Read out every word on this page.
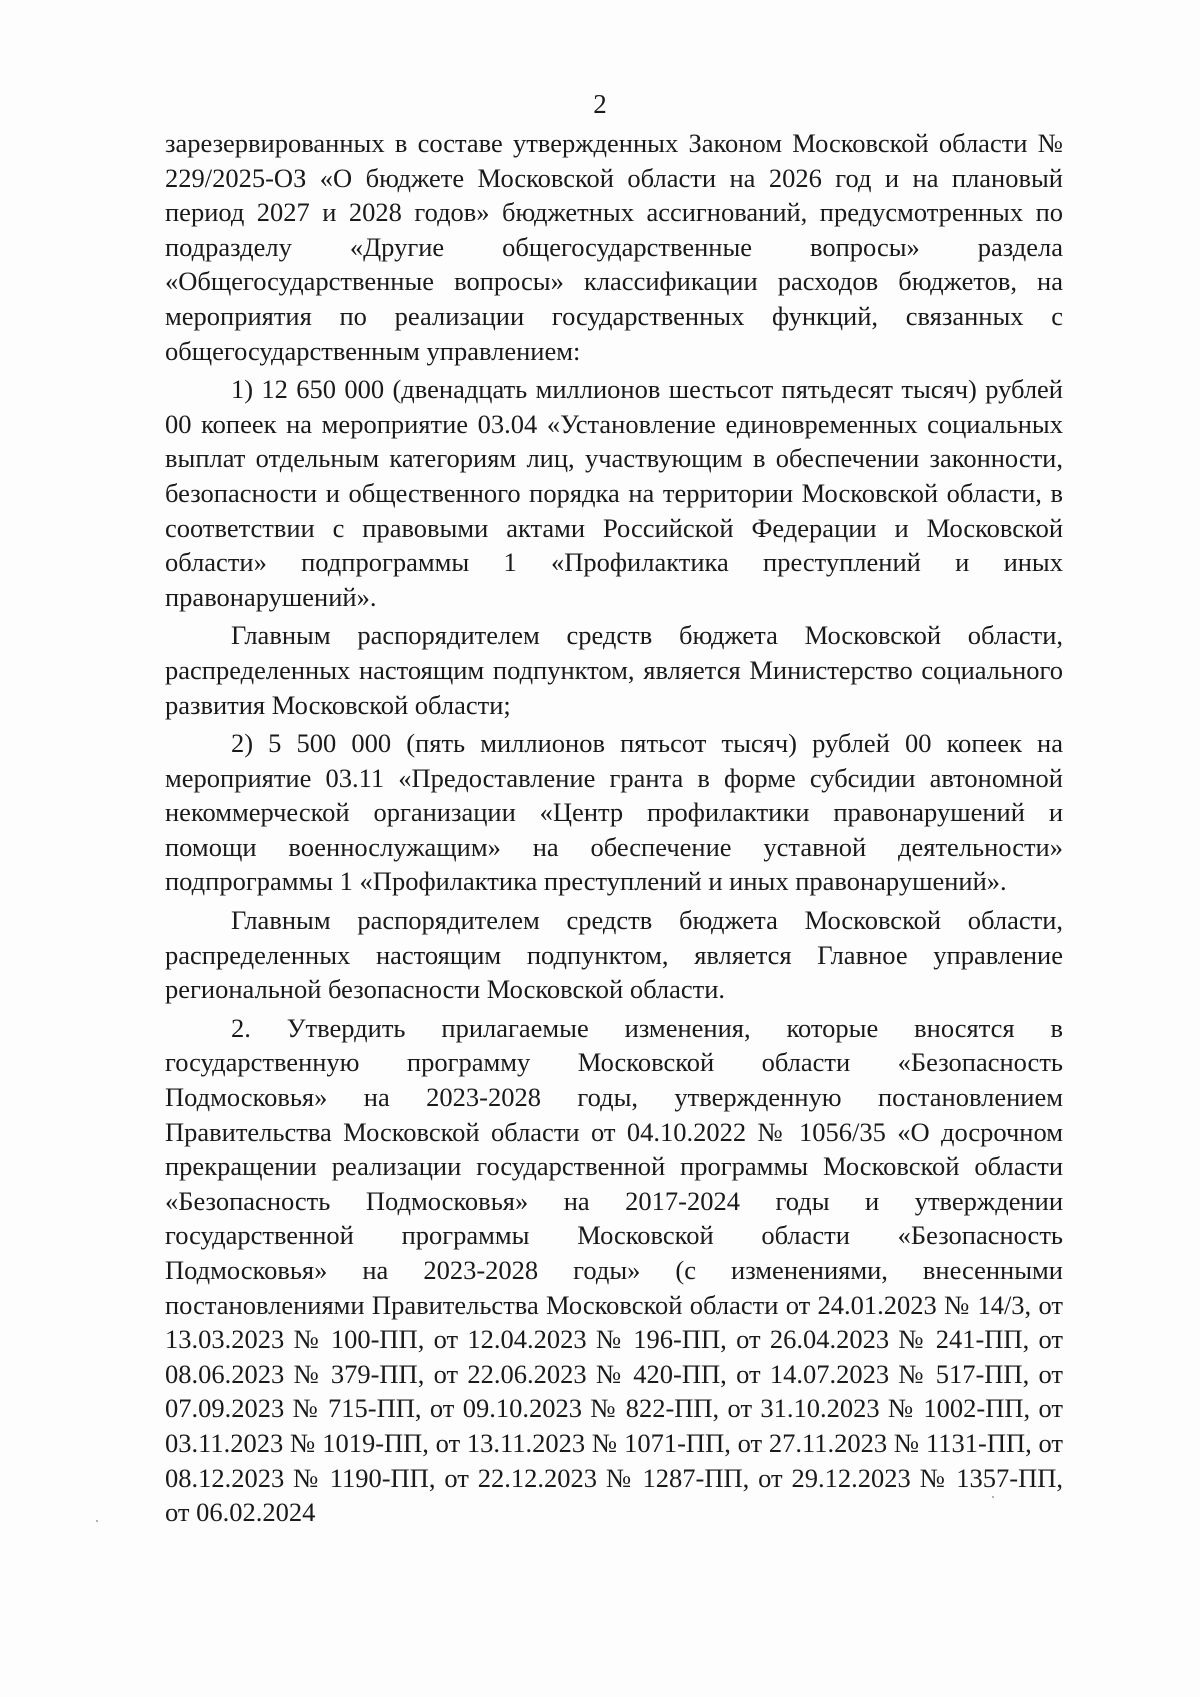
2

зарезервированных в составе утвержденных Законом Московской области № 229/2025-ОЗ «О бюджете Московской области на 2026 год и на плановый период 2027 и 2028 годов» бюджетных ассигнований, предусмотренных по подразделу «Другие общегосударственные вопросы» раздела «Общегосударственные вопросы» классификации расходов бюджетов, на мероприятия по реализации государственных функций, связанных с общегосударственным управлением:

1) 12 650 000 (двенадцать миллионов шестьсот пятьдесят тысяч) рублей 00 копеек на мероприятие 03.04 «Установление единовременных социальных выплат отдельным категориям лиц, участвующим в обеспечении законности, безопасности и общественного порядка на территории Московской области, в соответствии с правовыми актами Российской Федерации и Московской области» подпрограммы 1 «Профилактика преступлений и иных правонарушений».

Главным распорядителем средств бюджета Московской области, распределенных настоящим подпунктом, является Министерство социального развития Московской области;

2) 5 500 000 (пять миллионов пятьсот тысяч) рублей 00 копеек на мероприятие 03.11 «Предоставление гранта в форме субсидии автономной некоммерческой организации «Центр профилактики правонарушений и помощи военнослужащим» на обеспечение уставной деятельности» подпрограммы 1 «Профилактика преступлений и иных правонарушений».

Главным распорядителем средств бюджета Московской области, распределенных настоящим подпунктом, является Главное управление региональной безопасности Московской области.

2. Утвердить прилагаемые изменения, которые вносятся в государственную программу Московской области «Безопасность Подмосковья» на 2023-2028 годы, утвержденную постановлением Правительства Московской области от 04.10.2022 № 1056/35 «О досрочном прекращении реализации государственной программы Московской области «Безопасность Подмосковья» на 2017-2024 годы и утверждении государственной программы Московской области «Безопасность Подмосковья» на 2023-2028 годы» (с изменениями, внесенными постановлениями Правительства Московской области от 24.01.2023 № 14/3, от 13.03.2023 № 100-ПП, от 12.04.2023 № 196-ПП, от 26.04.2023 № 241-ПП, от 08.06.2023 № 379-ПП, от 22.06.2023 № 420-ПП, от 14.07.2023 № 517-ПП, от 07.09.2023 № 715-ПП, от 09.10.2023 № 822-ПП, от 31.10.2023 № 1002-ПП, от 03.11.2023 № 1019-ПП, от 13.11.2023 № 1071-ПП, от 27.11.2023 № 1131-ПП, от 08.12.2023 № 1190-ПП, от 22.12.2023 № 1287-ПП, от 29.12.2023 № 1357-ПП, от 06.02.2024
